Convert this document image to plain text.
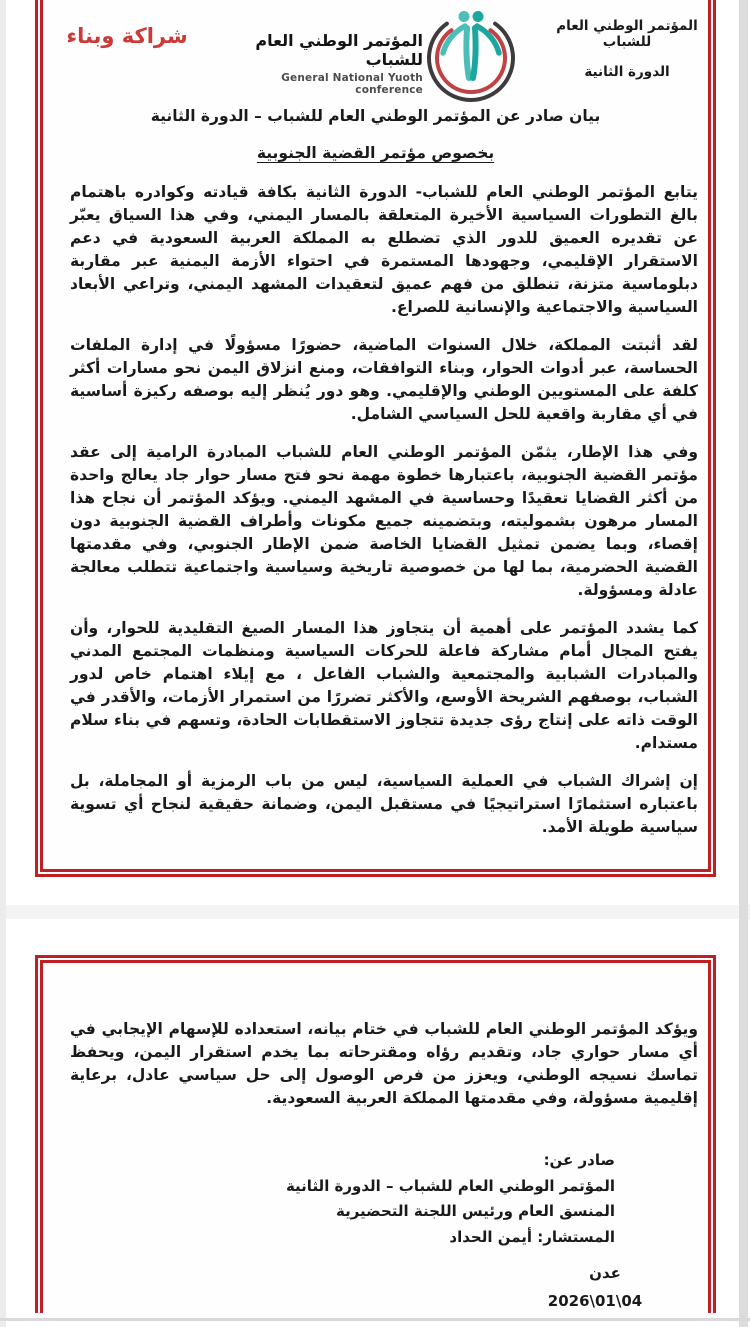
شراكة وبناء	المؤتمر الوطني العام للشباب
General National Yuoth conference
المؤتمر الوطني العام للشباب
الدورة الثانية
بيان صادر عن المؤتمر الوطني العام للشباب – الدورة الثانية
بخصوص مؤتمر القضية الجنوبية

يتابع المؤتمر الوطني العام للشباب- الدورة الثانية بكافة قيادته وكوادره باهتمام بالغ التطورات السياسية الأخيرة المتعلقة بالمسار اليمني، وفي هذا السياق يعبّر عن تقديره العميق للدور الذي تضطلع به المملكة العربية السعودية في دعم الاستقرار الإقليمي، وجهودها المستمرة في احتواء الأزمة اليمنية عبر مقاربة دبلوماسية متزنة، تنطلق من فهم عميق لتعقيدات المشهد اليمني، وتراعي الأبعاد السياسية والاجتماعية والإنسانية للصراع.

لقد أثبتت المملكة، خلال السنوات الماضية، حضورًا مسؤولًا في إدارة الملفات الحساسة، عبر أدوات الحوار، وبناء التوافقات، ومنع انزلاق اليمن نحو مسارات أكثر كلفة على المستويين الوطني والإقليمي. وهو دور يُنظر إليه بوصفه ركيزة أساسية في أي مقاربة واقعية للحل السياسي الشامل.

وفي هذا الإطار، يثمّن المؤتمر الوطني العام للشباب المبادرة الرامية إلى عقد مؤتمر القضية الجنوبية، باعتبارها خطوة مهمة نحو فتح مسار حوار جاد يعالج واحدة من أكثر القضايا تعقيدًا وحساسية في المشهد اليمني. ويؤكد المؤتمر أن نجاح هذا المسار مرهون بشموليته، وبتضمينه جميع مكونات وأطراف القضية الجنوبية دون إقصاء، وبما يضمن تمثيل القضايا الخاصة ضمن الإطار الجنوبي، وفي مقدمتها القضية الحضرمية، بما لها من خصوصية تاريخية وسياسية واجتماعية تتطلب معالجة عادلة ومسؤولة.

كما يشدد المؤتمر على أهمية أن يتجاوز هذا المسار الصيغ التقليدية للحوار، وأن يفتح المجال أمام مشاركة فاعلة للحركات السياسية ومنظمات المجتمع المدني والمبادرات الشبابية والمجتمعية والشباب الفاعل ، مع إيلاء اهتمام خاص لدور الشباب، بوصفهم الشريحة الأوسع، والأكثر تضررًا من استمرار الأزمات، والأقدر في الوقت ذاته على إنتاج رؤى جديدة تتجاوز الاستقطابات الحادة، وتسهم في بناء سلام مستدام.

إن إشراك الشباب في العملية السياسية، ليس من باب الرمزية أو المجاملة، بل باعتباره استثمارًا استراتيجيًا في مستقبل اليمن، وضمانة حقيقية لنجاح أي تسوية سياسية طويلة الأمد.

ويؤكد المؤتمر الوطني العام للشباب في ختام بيانه، استعداده للإسهام الإيجابي في أي مسار حواري جاد، وتقديم رؤاه ومقترحاته بما يخدم استقرار اليمن، ويحفظ تماسك نسيجه الوطني، ويعزز من فرص الوصول إلى حل سياسي عادل، برعاية إقليمية مسؤولة، وفي مقدمتها المملكة العربية السعودية.

صادر عن:
المؤتمر الوطني العام للشباب – الدورة الثانية
المنسق العام ورئيس اللجنة التحضيرية
المستشار: أيمن الحداد
عدن
2026\01\04
